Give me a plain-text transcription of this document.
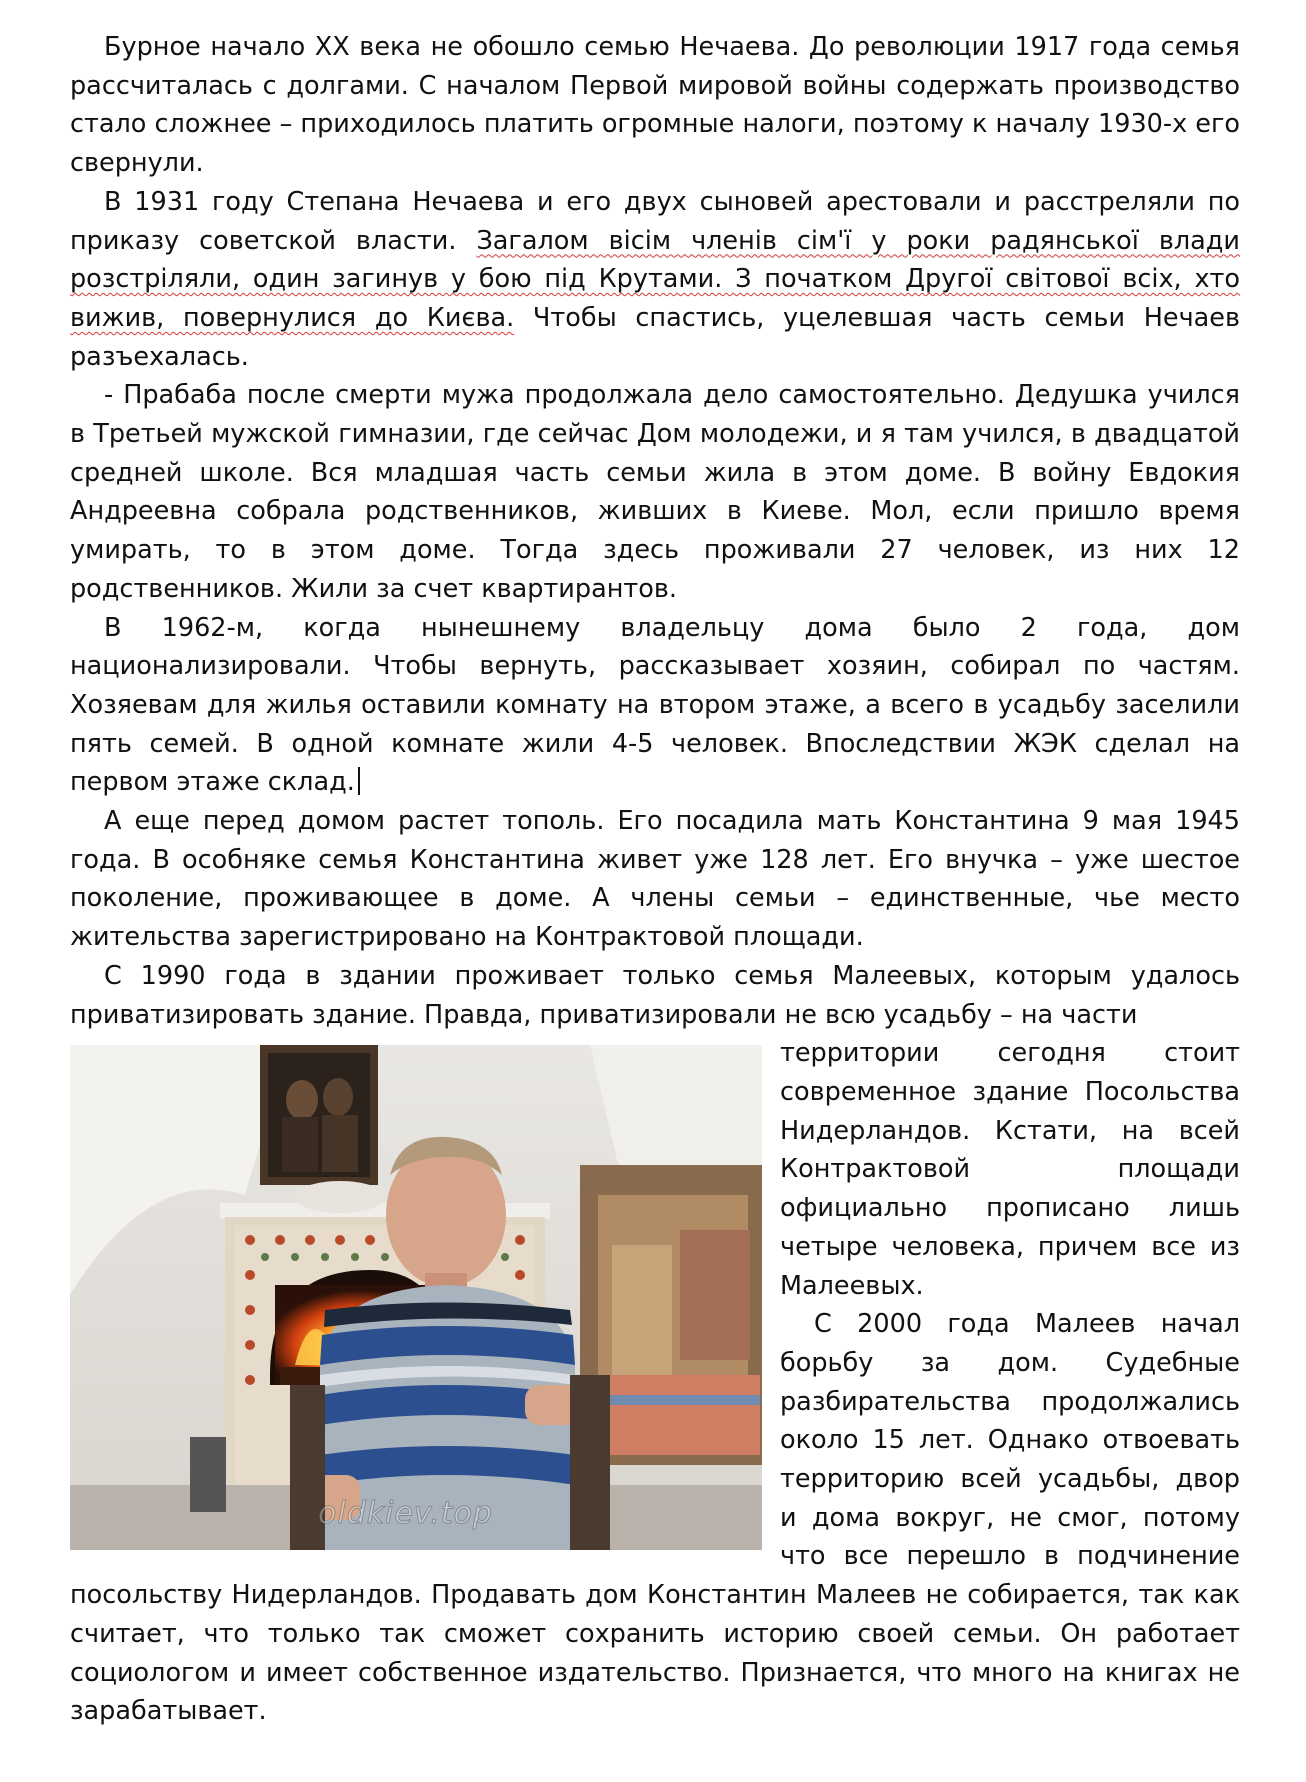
Бурное начало XX века не обошло семью Нечаева. До революции 1917 года семья рассчиталась с долгами. С началом Первой мировой войны содержать производство стало сложнее – приходилось платить огромные налоги, поэтому к началу 1930-х его свернули.

В 1931 году Степана Нечаева и его двух сыновей арестовали и расстреляли по приказу советской власти. Загалом вісім членів сім'ї у роки радянської влади розстріляли, один загинув у бою під Крутами. З початком Другої світової всіх, хто вижив, повернулися до Києва. Чтобы спастись, уцелевшая часть семьи Нечаев разъехалась.

- Прабаба после смерти мужа продолжала дело самостоятельно. Дедушка учился в Третьей мужской гимназии, где сейчас Дом молодежи, и я там учился, в двадцатой средней школе. Вся младшая часть семьи жила в этом доме. В войну Евдокия Андреевна собрала родственников, живших в Киеве. Мол, если пришло время умирать, то в этом доме. Тогда здесь проживали 27 человек, из них 12 родственников. Жили за счет квартирантов.

В 1962-м, когда нынешнему владельцу дома было 2 года, дом национализировали. Чтобы вернуть, рассказывает хозяин, собирал по частям. Хозяевам для жилья оставили комнату на втором этаже, а всего в усадьбу заселили пять семей. В одной комнате жили 4-5 человек. Впоследствии ЖЭК сделал на первом этаже склад.

А еще перед домом растет тополь. Его посадила мать Константина 9 мая 1945 года. В особняке семья Константина живет уже 128 лет. Его внучка – уже шестое поколение, проживающее в доме. А члены семьи – единственные, чье место жительства зарегистрировано на Контрактовой площади.

С 1990 года в здании проживает только семья Малеевых, которым удалось приватизировать здание. Правда, приватизировали не всю усадьбу – на части

oldkiev.top

территории сегодня стоит современное здание Посольства Нидерландов. Кстати, на всей Контрактовой площади официально прописано лишь четыре человека, причем все из Малеевых.

С 2000 года Малеев начал борьбу за дом. Судебные разбирательства продолжались около 15 лет. Однако отвоевать территорию всей усадьбы, двор и дома вокруг, не смог, потому что все перешло в подчинение посольству Нидерландов. Продавать дом Константин Малеев не собирается, так как считает, что только так сможет сохранить историю своей семьи. Он работает социологом и имеет собственное издательство. Признается, что много на книгах не зарабатывает.
